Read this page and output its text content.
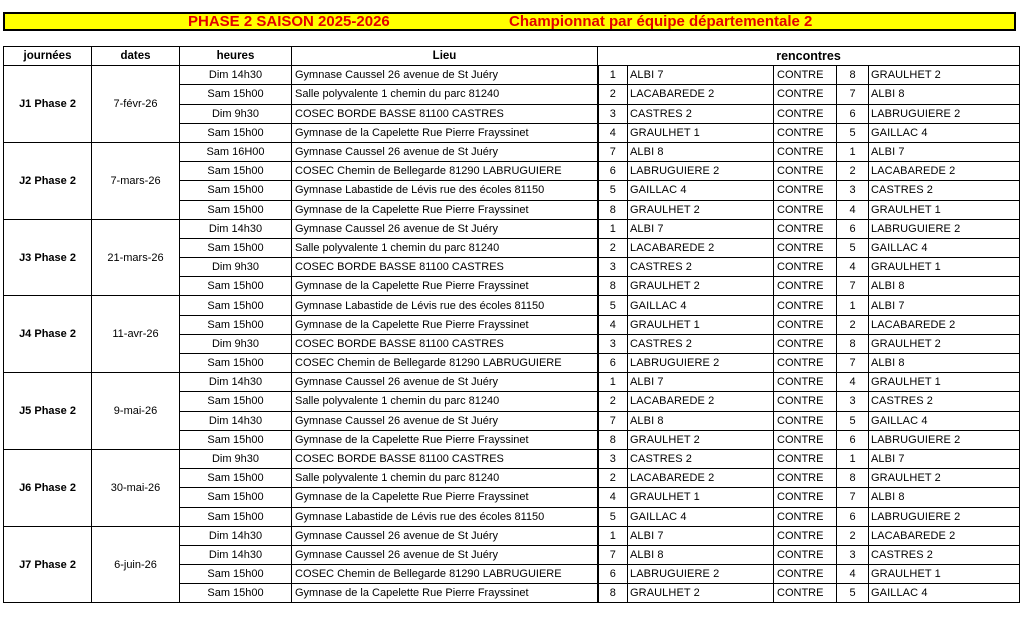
PHASE 2 SAISON 2025-2026	Championnat par équipe départementale 2
journées	dates	heures	Lieu	rencontres				
J1 Phase 2	7-févr-26	Dim 14h30	Gymnase Caussel 26 avenue de St Juéry	1	ALBI 7	CONTRE	8	GRAULHET 2
		Sam 15h00	Salle polyvalente 1 chemin du parc 81240	2	LACABAREDE 2	CONTRE	7	ALBI 8
		Dim 9h30	COSEC BORDE BASSE 81100 CASTRES	3	CASTRES 2	CONTRE	6	LABRUGUIERE 2
		Sam 15h00	Gymnase de la Capelette Rue Pierre Frayssinet	4	GRAULHET 1	CONTRE	5	GAILLAC 4
J2 Phase 2	7-mars-26	Sam 16H00	Gymnase Caussel 26 avenue de St Juéry	7	ALBI 8	CONTRE	1	ALBI 7
		Sam 15h00	COSEC Chemin de Bellegarde 81290 LABRUGUIERE	6	LABRUGUIERE 2	CONTRE	2	LACABAREDE 2
		Sam 15h00	Gymnase Labastide de Lévis rue des écoles 81150	5	GAILLAC 4	CONTRE	3	CASTRES 2
		Sam 15h00	Gymnase de la Capelette Rue Pierre Frayssinet	8	GRAULHET 2	CONTRE	4	GRAULHET 1
J3 Phase 2	21-mars-26	Dim 14h30	Gymnase Caussel 26 avenue de St Juéry	1	ALBI 7	CONTRE	6	LABRUGUIERE 2
		Sam 15h00	Salle polyvalente 1 chemin du parc 81240	2	LACABAREDE 2	CONTRE	5	GAILLAC 4
		Dim 9h30	COSEC BORDE BASSE 81100 CASTRES	3	CASTRES 2	CONTRE	4	GRAULHET 1
		Sam 15h00	Gymnase de la Capelette Rue Pierre Frayssinet	8	GRAULHET 2	CONTRE	7	ALBI 8
J4 Phase 2	11-avr-26	Sam 15h00	Gymnase Labastide de Lévis rue des écoles 81150	5	GAILLAC 4	CONTRE	1	ALBI 7
		Sam 15h00	Gymnase de la Capelette Rue Pierre Frayssinet	4	GRAULHET 1	CONTRE	2	LACABAREDE 2
		Dim 9h30	COSEC BORDE BASSE 81100 CASTRES	3	CASTRES 2	CONTRE	8	GRAULHET 2
		Sam 15h00	COSEC Chemin de Bellegarde 81290 LABRUGUIERE	6	LABRUGUIERE 2	CONTRE	7	ALBI 8
J5 Phase 2	9-mai-26	Dim 14h30	Gymnase Caussel 26 avenue de St Juéry	1	ALBI 7	CONTRE	4	GRAULHET 1
		Sam 15h00	Salle polyvalente 1 chemin du parc 81240	2	LACABAREDE 2	CONTRE	3	CASTRES 2
		Dim 14h30	Gymnase Caussel 26 avenue de St Juéry	7	ALBI 8	CONTRE	5	GAILLAC 4
		Sam 15h00	Gymnase de la Capelette Rue Pierre Frayssinet	8	GRAULHET 2	CONTRE	6	LABRUGUIERE 2
J6 Phase 2	30-mai-26	Dim 9h30	COSEC BORDE BASSE 81100 CASTRES	3	CASTRES 2	CONTRE	1	ALBI 7
		Sam 15h00	Salle polyvalente 1 chemin du parc 81240	2	LACABAREDE 2	CONTRE	8	GRAULHET 2
		Sam 15h00	Gymnase de la Capelette Rue Pierre Frayssinet	4	GRAULHET 1	CONTRE	7	ALBI 8
		Sam 15h00	Gymnase Labastide de Lévis rue des écoles 81150	5	GAILLAC 4	CONTRE	6	LABRUGUIERE 2
J7 Phase 2	6-juin-26	Dim 14h30	Gymnase Caussel 26 avenue de St Juéry	1	ALBI 7	CONTRE	2	LACABAREDE 2
		Dim 14h30	Gymnase Caussel 26 avenue de St Juéry	7	ALBI 8	CONTRE	3	CASTRES 2
		Sam 15h00	COSEC Chemin de Bellegarde 81290 LABRUGUIERE	6	LABRUGUIERE 2	CONTRE	4	GRAULHET 1
		Sam 15h00	Gymnase de la Capelette Rue Pierre Frayssinet	8	GRAULHET 2	CONTRE	5	GAILLAC 4
